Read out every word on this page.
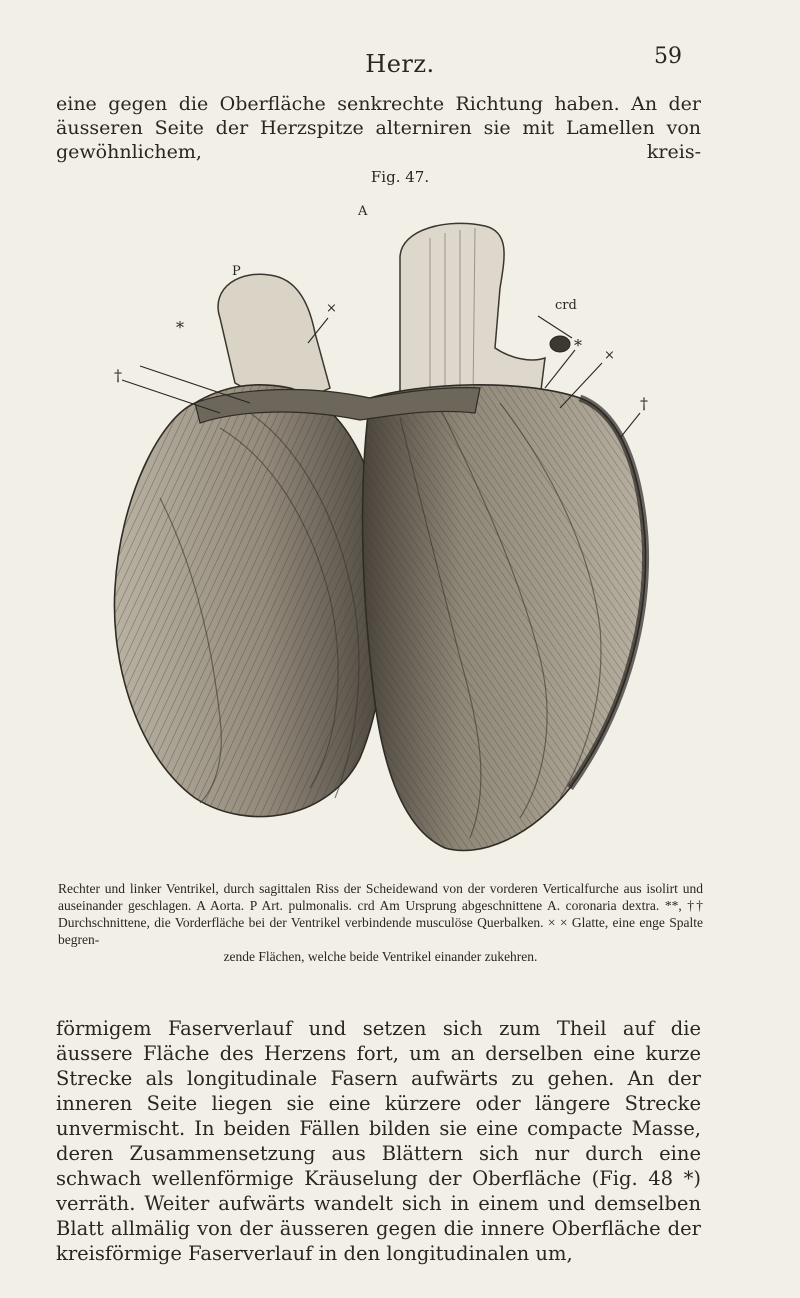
Herz.	59

eine gegen die Oberfläche senkrechte Richtung haben. An der äusseren Seite der Herzspitze alterniren sie mit Lamellen von gewöhnlichem, kreis-

Fig. 47.
A
P
crd
*
*
×
×
†
†
Rechter und linker Ventrikel, durch sagittalen Riss der Scheidewand von der vorderen Verticalfurche aus isolirt und auseinander geschlagen. A Aorta. P Art. pulmonalis. crd Am Ursprung abgeschnittene A. coronaria dextra. **, †† Durchschnittene, die Vorderfläche bei der Ventrikel verbindende musculöse Querbalken. × × Glatte, eine enge Spalte begren-
zende Flächen, welche beide Ventrikel einander zukehren.

förmigem Faserverlauf und setzen sich zum Theil auf die äussere Fläche des Herzens fort, um an derselben eine kurze Strecke als longitudinale Fasern aufwärts zu gehen. An der inneren Seite liegen sie eine kürzere oder längere Strecke unvermischt. In beiden Fällen bilden sie eine compacte Masse, deren Zusammensetzung aus Blättern sich nur durch eine schwach wellenförmige Kräuselung der Oberfläche (Fig. 48 *) verräth. Weiter aufwärts wandelt sich in einem und demselben Blatt allmälig von der äusseren gegen die innere Oberfläche der kreisförmige Faserverlauf in den longitudinalen um,
